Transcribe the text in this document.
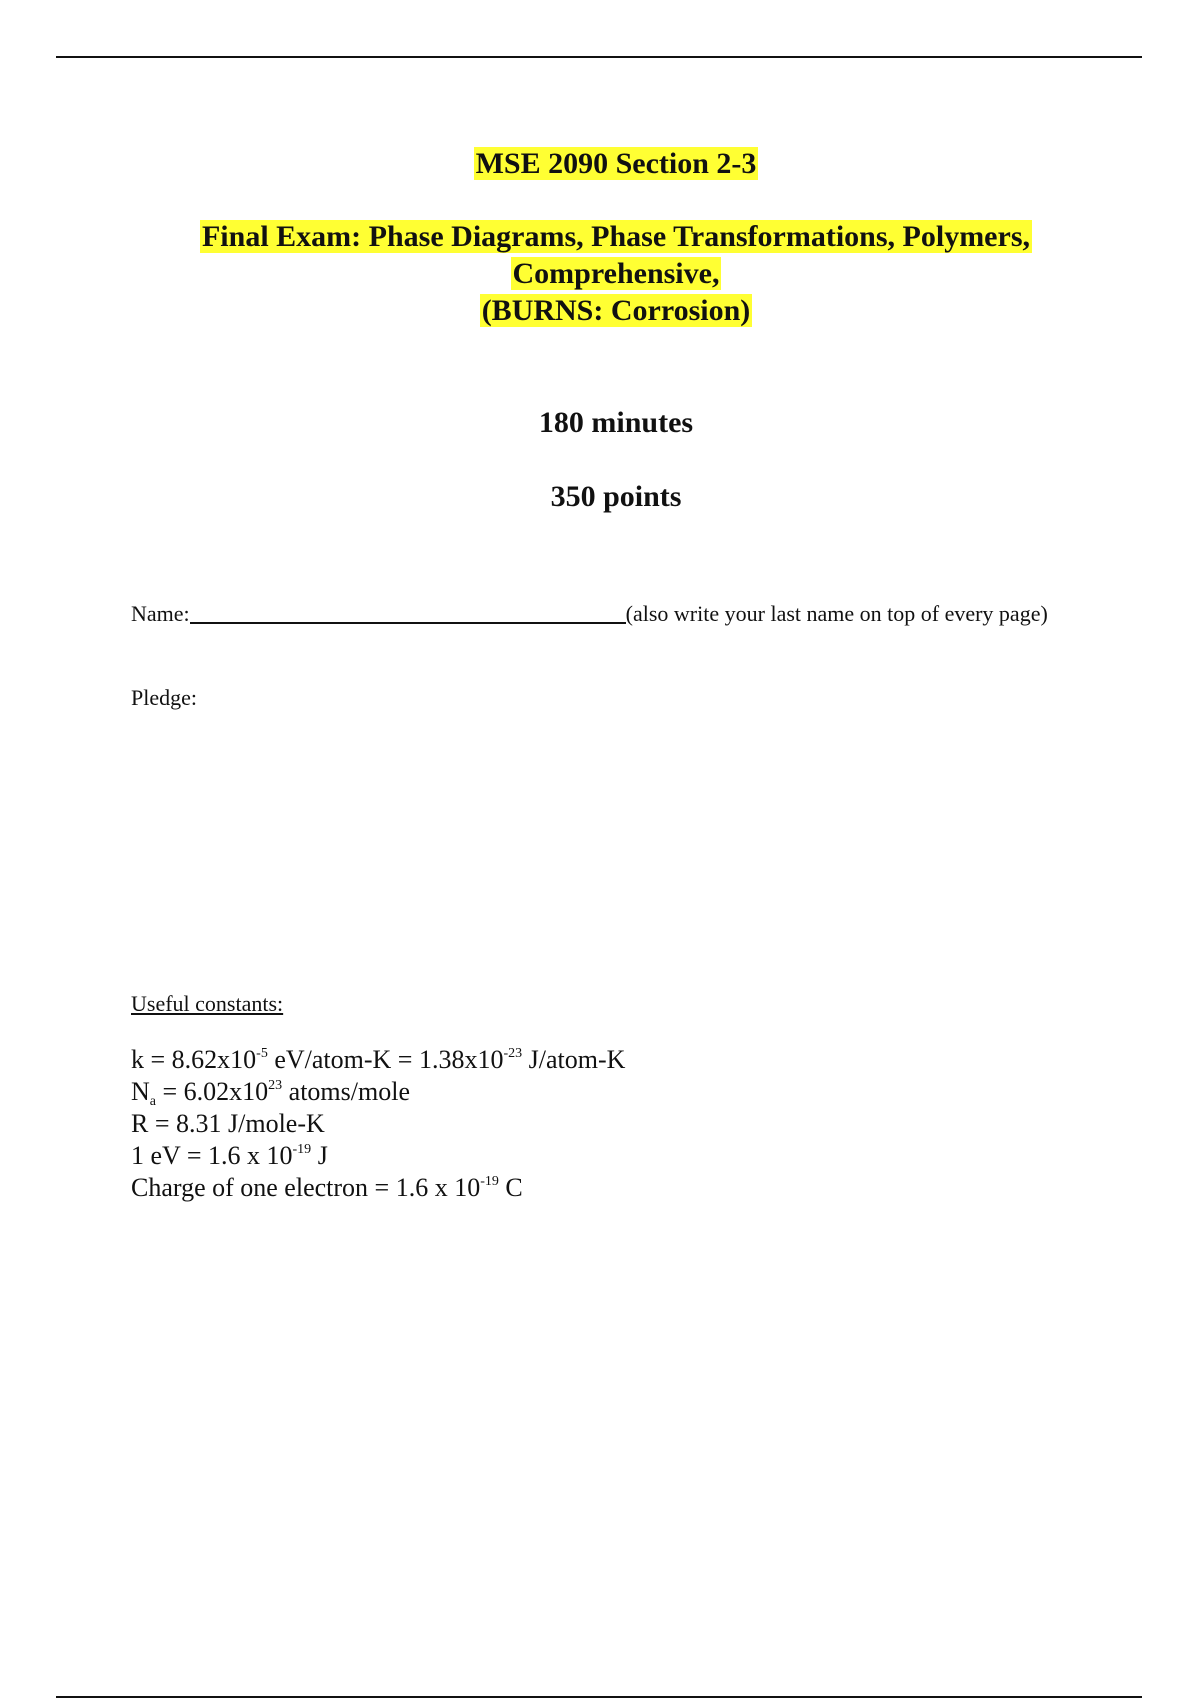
MSE 2090 Section 2-3
Final Exam: Phase Diagrams, Phase Transformations, Polymers,
Comprehensive,
(BURNS: Corrosion)
180 minutes
350 points
Name:	(also write your last name on top of every page)
Pledge:
Useful constants:
$k = 8.62x10^{-5}$ eV/atom-K = $1.38x10^{-23}$ J/atom-K
$N_a = 6.02x10^{23}$ atoms/mole
R = 8.31 J/mole-K
1 eV = 1.6 x $10^{-19}$ J
Charge of one electron = 1.6 x $10^{-19}$ C
